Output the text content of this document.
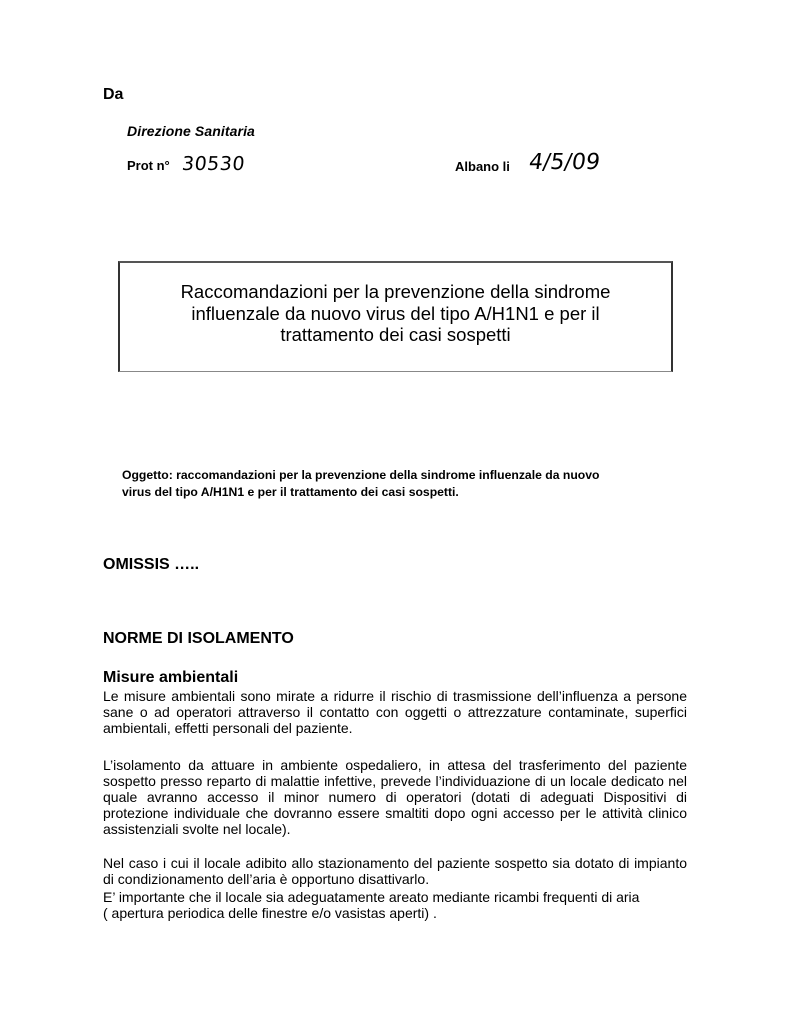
Da
Direzione Sanitaria
Prot n° 30530	Albano li 4/5/09
Raccomandazioni per la prevenzione della sindrome
influenzale da nuovo virus del tipo A/H1N1 e per il
trattamento dei casi sospetti
Oggetto: raccomandazioni per la prevenzione della sindrome influenzale da nuovo
virus del tipo A/H1N1 e per il trattamento dei casi sospetti.
OMISSIS …..
NORME DI ISOLAMENTO
Misure ambientali
Le misure ambientali sono mirate a ridurre il rischio di trasmissione dell’influenza a persone sane o ad operatori attraverso il contatto con oggetti o attrezzature contaminate, superfici ambientali, effetti personali del paziente.
L’isolamento da attuare in ambiente ospedaliero, in attesa del trasferimento del paziente sospetto presso reparto di malattie infettive, prevede l’individuazione di un locale dedicato nel quale avranno accesso il minor numero di operatori (dotati di adeguati Dispositivi di protezione individuale che dovranno essere smaltiti dopo ogni accesso per le attività clinico assistenziali svolte nel locale).
Nel caso i cui il locale adibito allo stazionamento del paziente sospetto sia dotato di impianto di condizionamento dell’aria è opportuno disattivarlo.
E’ importante che il locale sia adeguatamente areato mediante ricambi frequenti di aria
( apertura periodica delle finestre e/o vasistas aperti) .
